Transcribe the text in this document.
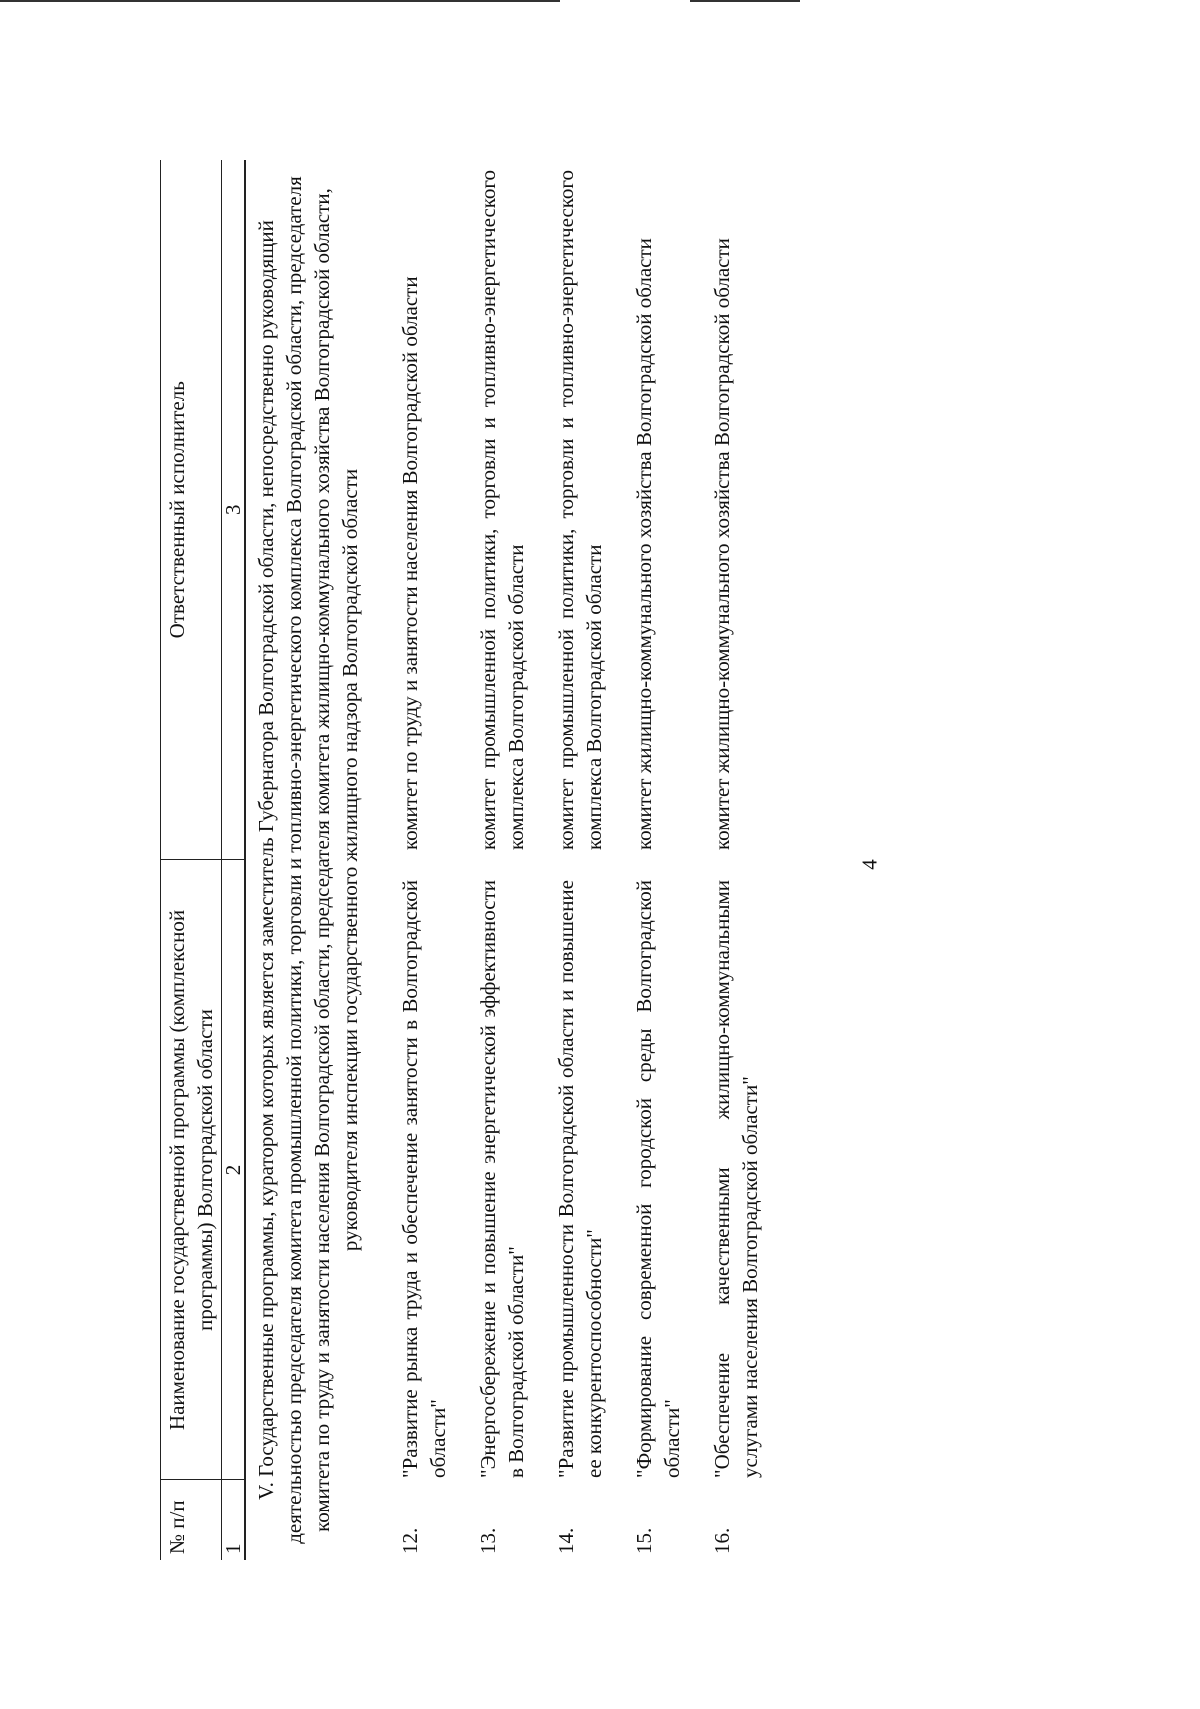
4
№ п/п	Наименование государственной программы (комплексной программы) Волгоградской области	Ответственный исполнитель
1	2	3
V. Государственные программы, куратором которых является заместитель Губернатора Волгоградской области, непосредственно руководящий деятельностью председателя комитета промышленной политики, торговли и топливно-энергетического комплекса Волгоградской области, председателя комитета по труду и занятости населения Волгоградской области, председателя комитета жилищно-коммунального хозяйства Волгоградской области, руководителя инспекции государственного жилищного надзора Волгоградской области		
12.	"Развитие рынка труда и обеспечение занятости в Волгоградской области"	комитет по труду и занятости населения Волгоградской области
13.	"Энергосбережение и повышение энергетической эффективности в Волгоградской области"	комитет промышленной политики, торговли и топливно-энергетического комплекса Волгоградской области
14.	"Развитие промышленности Волгоградской области и повышение ее конкурентоспособности"	комитет промышленной политики, торговли и топливно-энергетического комплекса Волгоградской области
15.	"Формирование современной городской среды Волгоградской области"	комитет жилищно-коммунального хозяйства Волгоградской области
16.	"Обеспечение качественными жилищно-коммунальными услугами населения Волгоградской области"	комитет жилищно-коммунального хозяйства Волгоградской области
